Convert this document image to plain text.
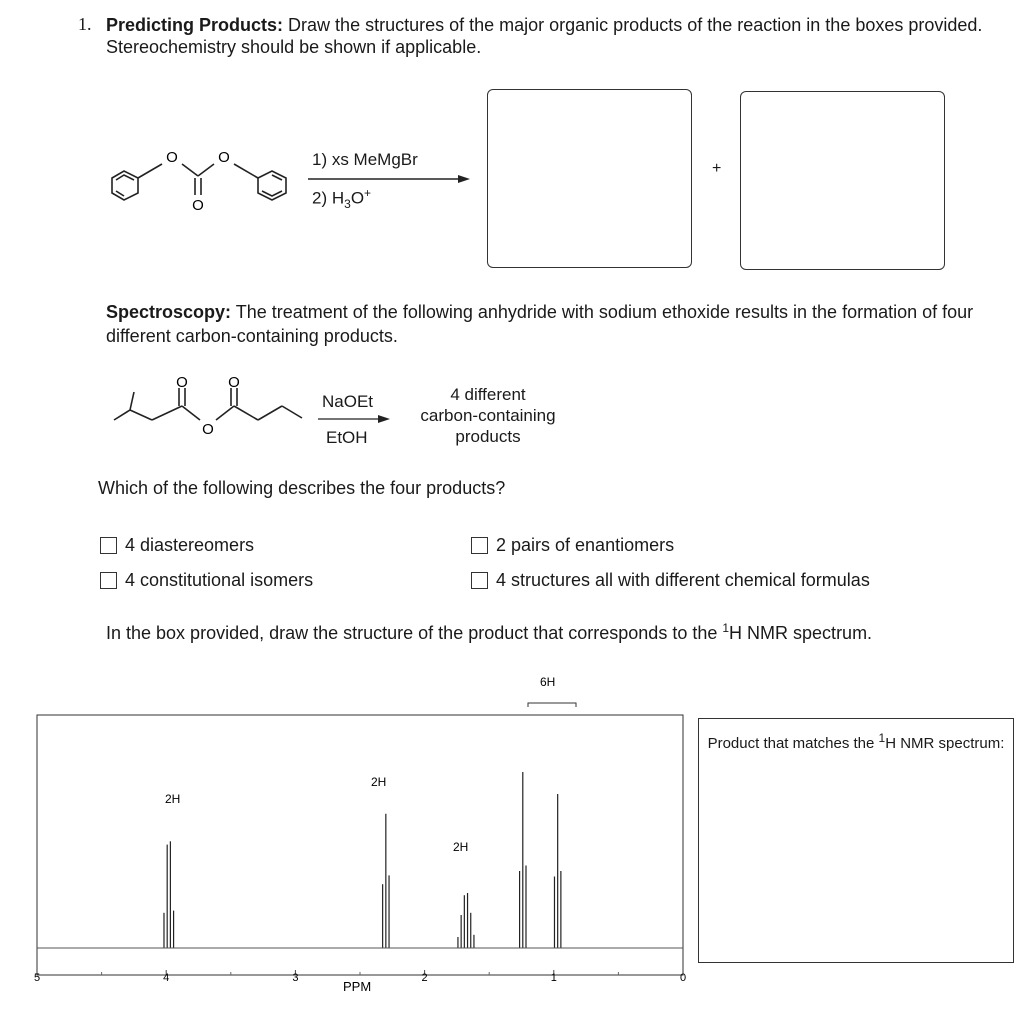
1. Predicting Products: Draw the structures of the major organic products of the reaction in the boxes provided. Stereochemistry should be shown if applicable.
O	O
O
1) xs MeMgBr
2) $H_3O^+$
+
Spectroscopy: The treatment of the following anhydride with sodium ethoxide results in the formation of four different carbon-containing products.
O	O
O
NaOEt
EtOH
4 different
carbon-containing
products
Which of the following describes the four products?
4 diastereomers
4 constitutional isomers
2 pairs of enantiomers
4 structures all with different chemical formulas
In the box provided, draw the structure of the product that corresponds to the $^1$H NMR spectrum.
5	4	3	2	1	0
2H
2H
2H
6H
PPM
Product that matches the $^1$H NMR spectrum:
